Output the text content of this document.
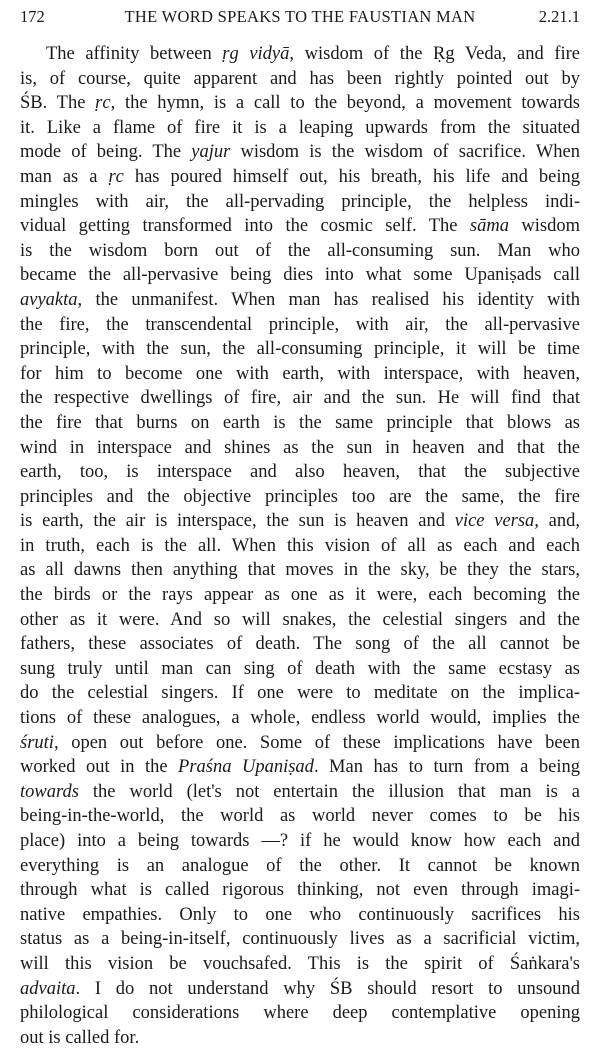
172	THE WORD SPEAKS TO THE FAUSTIAN MAN	2.21.1
The affinity between ṛg vidyā, wisdom of the Ṛg Veda, and fire
is, of course, quite apparent and has been rightly pointed out by
ŚB. The ṛc, the hymn, is a call to the beyond, a movement towards
it. Like a flame of fire it is a leaping upwards from the situated
mode of being. The yajur wisdom is the wisdom of sacrifice. When
man as a ṛc has poured himself out, his breath, his life and being
mingles with air, the all-pervading principle, the helpless indi-
vidual getting transformed into the cosmic self. The sāma wisdom
is the wisdom born out of the all-consuming sun. Man who
became the all-pervasive being dies into what some Upaniṣads call
avyakta, the unmanifest. When man has realised his identity with
the fire, the transcendental principle, with air, the all-pervasive
principle, with the sun, the all-consuming principle, it will be time
for him to become one with earth, with interspace, with heaven,
the respective dwellings of fire, air and the sun. He will find that
the fire that burns on earth is the same principle that blows as
wind in interspace and shines as the sun in heaven and that the
earth, too, is interspace and also heaven, that the subjective
principles and the objective principles too are the same, the fire
is earth, the air is interspace, the sun is heaven and vice versa, and,
in truth, each is the all. When this vision of all as each and each
as all dawns then anything that moves in the sky, be they the stars,
the birds or the rays appear as one as it were, each becoming the
other as it were. And so will snakes, the celestial singers and the
fathers, these associates of death. The song of the all cannot be
sung truly until man can sing of death with the same ecstasy as
do the celestial singers. If one were to meditate on the implica-
tions of these analogues, a whole, endless world would, implies the
śruti, open out before one. Some of these implications have been
worked out in the Praśna Upaniṣad. Man has to turn from a being
towards the world (let's not entertain the illusion that man is a
being-in-the-world, the world as world never comes to be his
place) into a being towards —? if he would know how each and
everything is an analogue of the other. It cannot be known
through what is called rigorous thinking, not even through imagi-
native empathies. Only to one who continuously sacrifices his
status as a being-in-itself, continuously lives as a sacrificial victim,
will this vision be vouchsafed. This is the spirit of Śaṅkara's
advaita. I do not understand why ŚB should resort to unsound
philological considerations where deep contemplative opening
out is called for.
